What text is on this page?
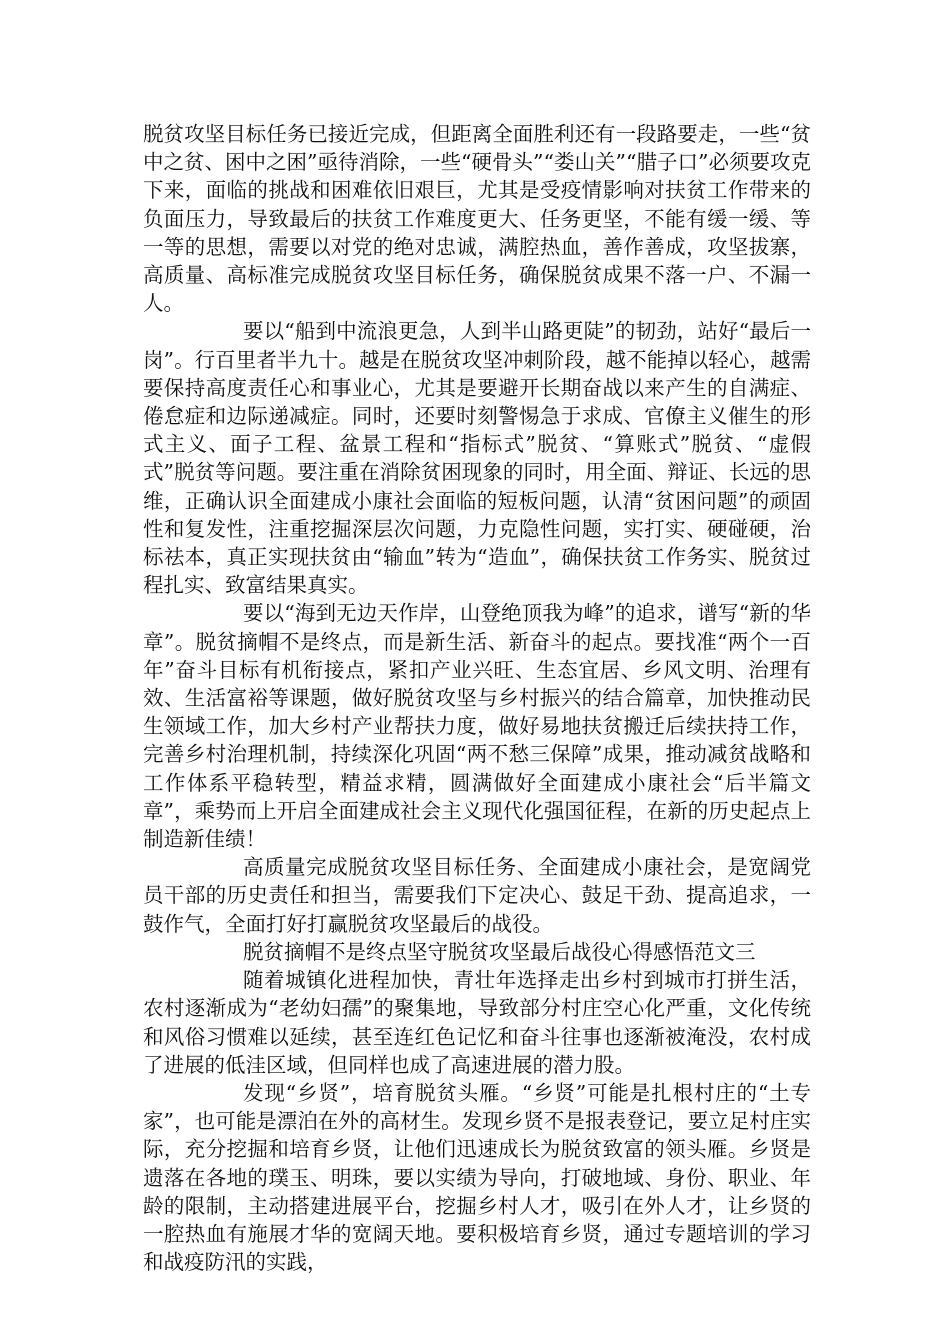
脱贫攻坚目标任务已接近完成，但距离全面胜利还有一段路要走，一些“贫中之贫、困中之困”亟待消除，一些“硬骨头”“娄山关”“腊子口”必须要攻克下来，面临的挑战和困难依旧艰巨，尤其是受疫情影响对扶贫工作带来的负面压力，导致最后的扶贫工作难度更大、任务更坚，不能有缓一缓、等一等的思想，需要以对党的绝对忠诚，满腔热血，善作善成，攻坚拔寨，高质量、高标准完成脱贫攻坚目标任务，确保脱贫成果不落一户、不漏一人。

要以“船到中流浪更急，人到半山路更陡”的韧劲，站好“最后一岗”。行百里者半九十。越是在脱贫攻坚冲刺阶段，越不能掉以轻心，越需要保持高度责任心和事业心，尤其是要避开长期奋战以来产生的自满症、倦怠症和边际递减症。同时，还要时刻警惕急于求成、官僚主义催生的形式主义、面子工程、盆景工程和“指标式”脱贫、“算账式”脱贫、“虚假式”脱贫等问题。要注重在消除贫困现象的同时，用全面、辩证、长远的思维，正确认识全面建成小康社会面临的短板问题，认清“贫困问题”的顽固性和复发性，注重挖掘深层次问题，力克隐性问题，实打实、硬碰硬，治标祛本，真正实现扶贫由“输血”转为“造血”，确保扶贫工作务实、脱贫过程扎实、致富结果真实。

要以“海到无边天作岸，山登绝顶我为峰”的追求，谱写“新的华章”。脱贫摘帽不是终点，而是新生活、新奋斗的起点。要找准“两个一百年”奋斗目标有机衔接点，紧扣产业兴旺、生态宜居、乡风文明、治理有效、生活富裕等课题，做好脱贫攻坚与乡村振兴的结合篇章，加快推动民生领域工作，加大乡村产业帮扶力度，做好易地扶贫搬迁后续扶持工作，完善乡村治理机制，持续深化巩固“两不愁三保障”成果，推动减贫战略和工作体系平稳转型，精益求精，圆满做好全面建成小康社会“后半篇文章”，乘势而上开启全面建成社会主义现代化强国征程，在新的历史起点上制造新佳绩！

高质量完成脱贫攻坚目标任务、全面建成小康社会，是宽阔党员干部的历史责任和担当，需要我们下定决心、鼓足干劲、提高追求，一鼓作气，全面打好打赢脱贫攻坚最后的战役。

脱贫摘帽不是终点坚守脱贫攻坚最后战役心得感悟范文三

随着城镇化进程加快，青壮年选择走出乡村到城市打拼生活，农村逐渐成为“老幼妇孺”的聚集地，导致部分村庄空心化严重，文化传统和风俗习惯难以延续，甚至连红色记忆和奋斗往事也逐渐被淹没，农村成了进展的低洼区域，但同样也成了高速进展的潜力股。

发现“乡贤”，培育脱贫头雁。“乡贤”可能是扎根村庄的“土专家”，也可能是漂泊在外的高材生。发现乡贤不是报表登记，要立足村庄实际，充分挖掘和培育乡贤，让他们迅速成长为脱贫致富的领头雁。乡贤是遗落在各地的璞玉、明珠，要以实绩为导向，打破地域、身份、职业、年龄的限制，主动搭建进展平台，挖掘乡村人才，吸引在外人才，让乡贤的一腔热血有施展才华的宽阔天地。要积极培育乡贤，通过专题培训的学习和战疫防汛的实践，
